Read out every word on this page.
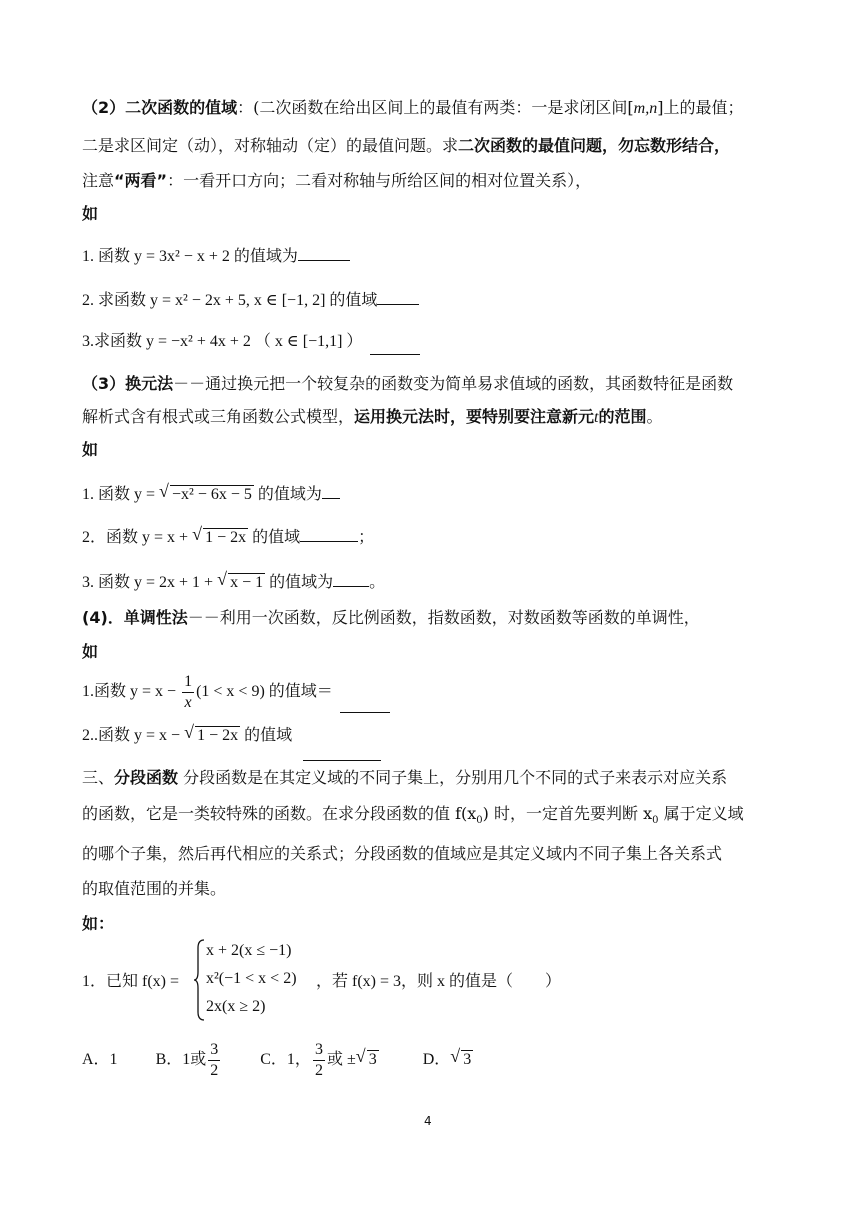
（2）二次函数的值域：(二次函数在给出区间上的最值有两类：一是求闭区间[m,n]上的最值；
二是求区间定（动），对称轴动（定）的最值问题。求二次函数的最值问题，勿忘数形结合，
注意“两看”：一看开口方向；二看对称轴与所给区间的相对位置关系），
如
1. 函数 y = 3x² − x + 2 的值域为
2. 求函数 y = x² − 2x + 5, x ∈ [−1, 2] 的值域
3.求函数 y = −x² + 4x + 2 （ x ∈ [−1,1] ）
（3）换元法－－通过换元把一个较复杂的函数变为简单易求值域的函数，其函数特征是函数
解析式含有根式或三角函数公式模型，运用换元法时，要特别要注意新元t的范围。
如
1. 函数 y = √ −x² − 6x − 5 的值域为
2．函数 y = x + √ 1 − 2x 的值域	；
3. 函数 y = 2x + 1 + √ x − 1 的值域为 。
(4)．单调性法－－利用一次函数，反比例函数，指数函数，对数函数等函数的单调性，
如
1.函数 $y = x - \frac{1}{x} (1 < x < 9)$ 的值域＝
2..函数 y = x − √ 1 − 2x 的值域
三、分段函数 分段函数是在其定义域的不同子集上，分别用几个不同的式子来表示对应关系
的函数，它是一类较特殊的函数。在求分段函数的值 $f(x_0)$ 时，一定首先要判断 $x_0$ 属于定义域
的哪个子集，然后再代相应的关系式；分段函数的值域应是其定义域内不同子集上各关系式
的取值范围的并集。
如：
1．已知 f(x) =
x + 2(x ≤ −1)
x²(−1 < x < 2)
2x(x ≥ 2)
，若 f(x) = 3，则 x 的值是（　　）
A．1 B．1或 $\frac{3}{2}$	C．1， $\frac{3}{2}$ 或 ± √ 3	D． √ 3
4
